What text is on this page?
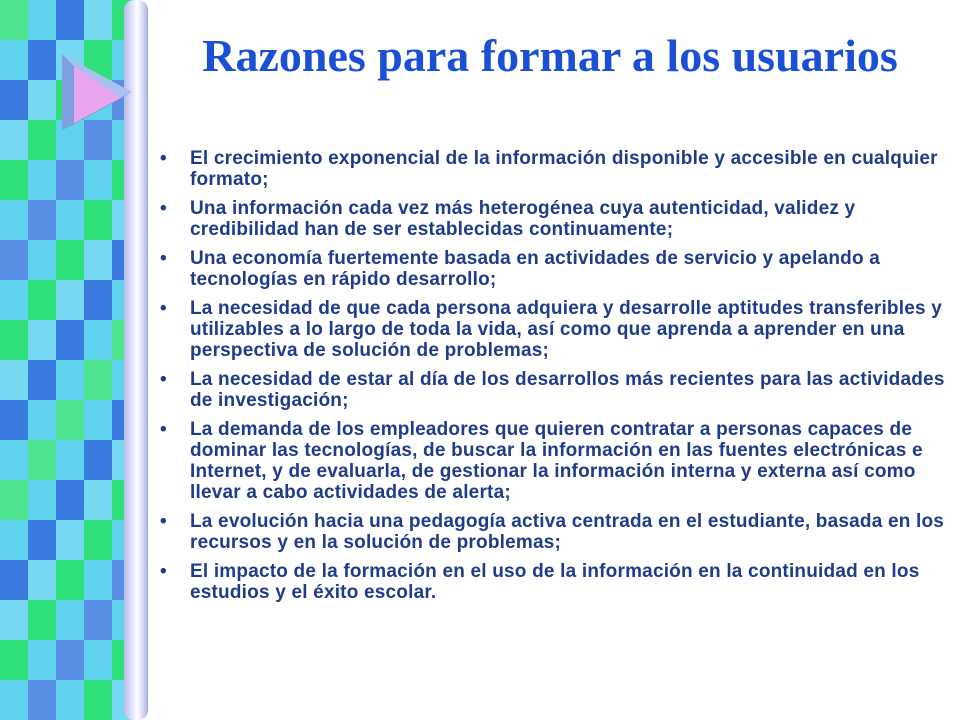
Razones para formar a los usuarios
• El crecimiento exponencial de la información disponible y accesible en cualquier formato;
• Una información cada vez más heterogénea cuya autenticidad, validez y credibilidad han de ser establecidas continuamente;
• Una economía fuertemente basada en actividades de servicio y apelando a tecnologías en rápido desarrollo;
• La necesidad de que cada persona adquiera y desarrolle aptitudes transferibles y utilizables a lo largo de toda la vida, así como que aprenda a aprender en una perspectiva de solución de problemas;
• La necesidad de estar al día de los desarrollos más recientes para las actividades de investigación;
• La demanda de los empleadores que quieren contratar a personas capaces de dominar las tecnologías, de buscar la información en las fuentes electrónicas e Internet, y de evaluarla, de gestionar la información interna y externa así como llevar a cabo actividades de alerta;
• La evolución hacia una pedagogía activa centrada en el estudiante, basada en los recursos y en la solución de problemas;
• El impacto de la formación en el uso de la información en la continuidad en los estudios y el éxito escolar.
